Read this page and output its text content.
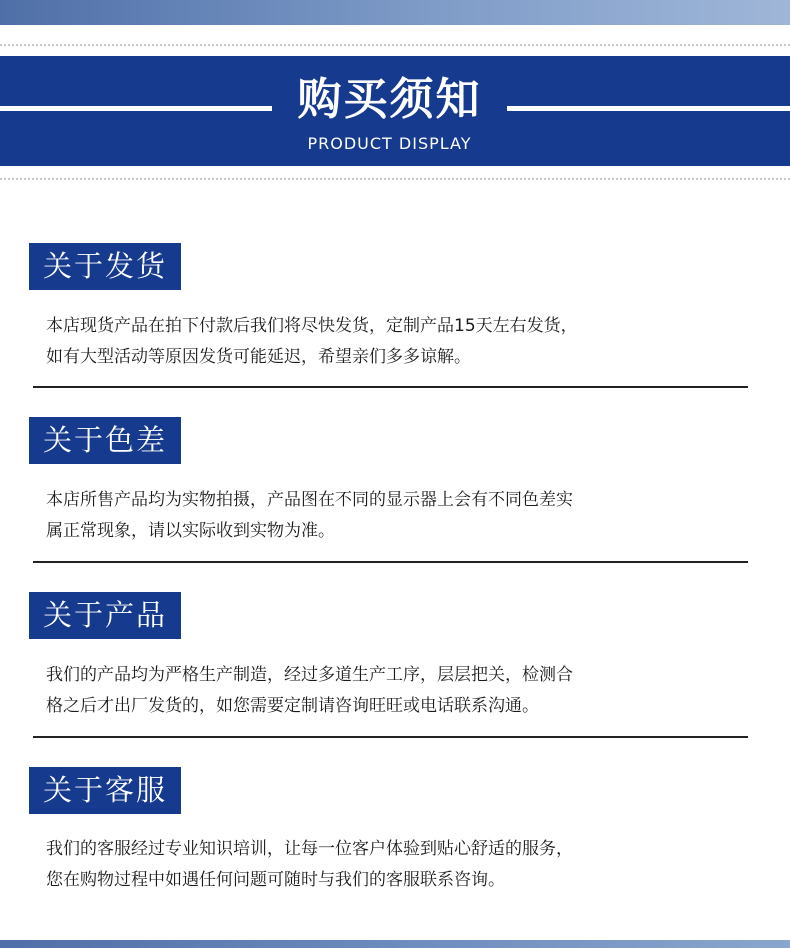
购买须知
PRODUCT DISPLAY
关于发货
本店现货产品在拍下付款后我们将尽快发货，定制产品15天左右发货，
如有大型活动等原因发货可能延迟，希望亲们多多谅解。
关于色差
本店所售产品均为实物拍摄，产品图在不同的显示器上会有不同色差实
属正常现象，请以实际收到实物为准。
关于产品
我们的产品均为严格生产制造，经过多道生产工序，层层把关，检测合
格之后才出厂发货的，如您需要定制请咨询旺旺或电话联系沟通。
关于客服
我们的客服经过专业知识培训，让每一位客户体验到贴心舒适的服务，
您在购物过程中如遇任何问题可随时与我们的客服联系咨询。
